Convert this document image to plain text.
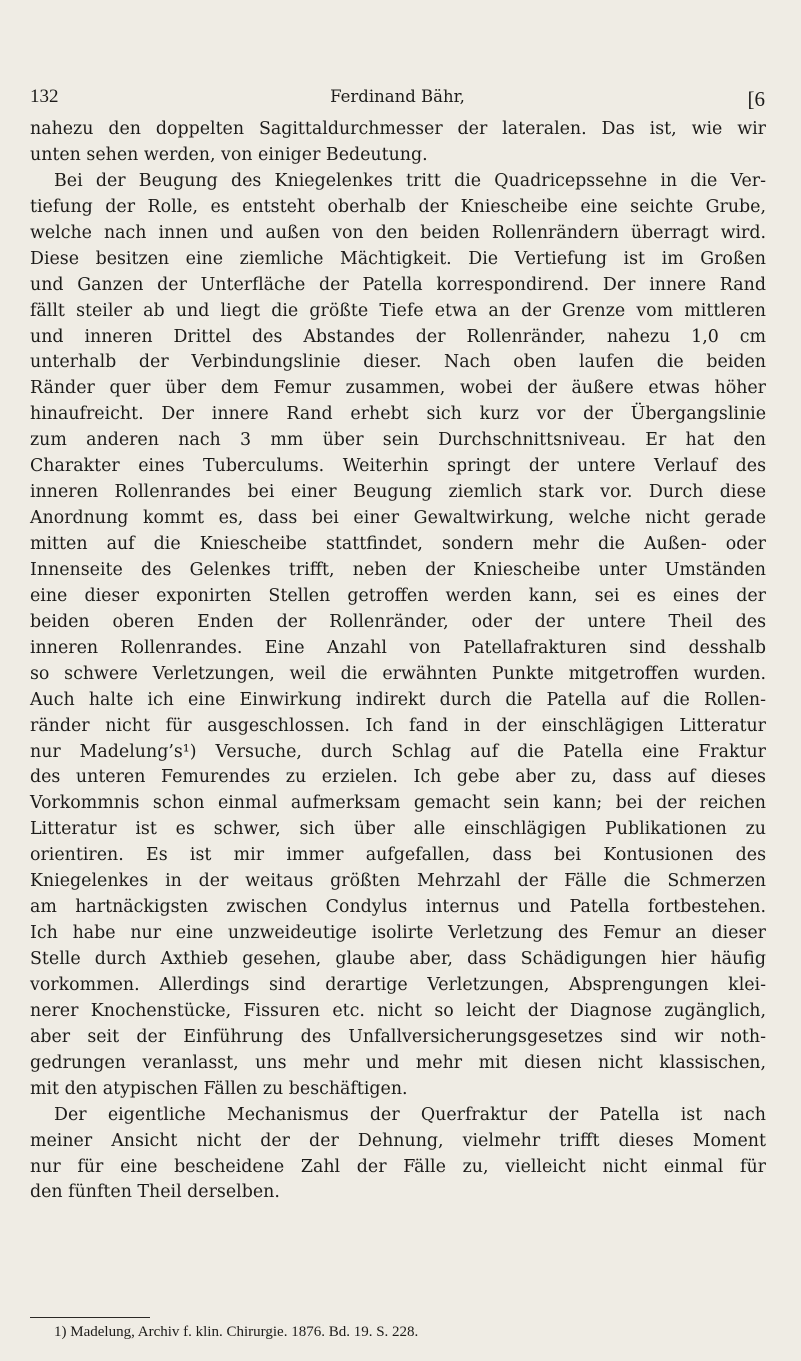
132	Ferdinand Bähr,	[6
nahezu den doppelten Sagittaldurchmesser der lateralen. Das ist, wie wir
unten sehen werden, von einiger Bedeutung.
Bei der Beugung des Kniegelenkes tritt die Quadricepssehne in die Ver-
tiefung der Rolle, es entsteht oberhalb der Kniescheibe eine seichte Grube,
welche nach innen und außen von den beiden Rollenrändern überragt wird.
Diese besitzen eine ziemliche Mächtigkeit. Die Vertiefung ist im Großen
und Ganzen der Unterfläche der Patella korrespondirend. Der innere Rand
fällt steiler ab und liegt die größte Tiefe etwa an der Grenze vom mittleren
und inneren Drittel des Abstandes der Rollenränder, nahezu 1,0 cm
unterhalb der Verbindungslinie dieser. Nach oben laufen die beiden
Ränder quer über dem Femur zusammen, wobei der äußere etwas höher
hinaufreicht. Der innere Rand erhebt sich kurz vor der Übergangslinie
zum anderen nach 3 mm über sein Durchschnittsniveau. Er hat den
Charakter eines Tuberculums. Weiterhin springt der untere Verlauf des
inneren Rollenrandes bei einer Beugung ziemlich stark vor. Durch diese
Anordnung kommt es, dass bei einer Gewaltwirkung, welche nicht gerade
mitten auf die Kniescheibe stattfindet, sondern mehr die Außen- oder
Innenseite des Gelenkes trifft, neben der Kniescheibe unter Umständen
eine dieser exponirten Stellen getroffen werden kann, sei es eines der
beiden oberen Enden der Rollenränder, oder der untere Theil des
inneren Rollenrandes. Eine Anzahl von Patellafrakturen sind desshalb
so schwere Verletzungen, weil die erwähnten Punkte mitgetroffen wurden.
Auch halte ich eine Einwirkung indirekt durch die Patella auf die Rollen-
ränder nicht für ausgeschlossen. Ich fand in der einschlägigen Litteratur
nur Madelung’s¹) Versuche, durch Schlag auf die Patella eine Fraktur
des unteren Femurendes zu erzielen. Ich gebe aber zu, dass auf dieses
Vorkommnis schon einmal aufmerksam gemacht sein kann; bei der reichen
Litteratur ist es schwer, sich über alle einschlägigen Publikationen zu
orientiren. Es ist mir immer aufgefallen, dass bei Kontusionen des
Kniegelenkes in der weitaus größten Mehrzahl der Fälle die Schmerzen
am hartnäckigsten zwischen Condylus internus und Patella fortbestehen.
Ich habe nur eine unzweideutige isolirte Verletzung des Femur an dieser
Stelle durch Axthieb gesehen, glaube aber, dass Schädigungen hier häufig
vorkommen. Allerdings sind derartige Verletzungen, Absprengungen klei-
nerer Knochenstücke, Fissuren etc. nicht so leicht der Diagnose zugänglich,
aber seit der Einführung des Unfallversicherungsgesetzes sind wir noth-
gedrungen veranlasst, uns mehr und mehr mit diesen nicht klassischen,
mit den atypischen Fällen zu beschäftigen.
Der eigentliche Mechanismus der Querfraktur der Patella ist nach
meiner Ansicht nicht der der Dehnung, vielmehr trifft dieses Moment
nur für eine bescheidene Zahl der Fälle zu, vielleicht nicht einmal für
den fünften Theil derselben.
1) Madelung, Archiv f. klin. Chirurgie. 1876. Bd. 19. S. 228.
